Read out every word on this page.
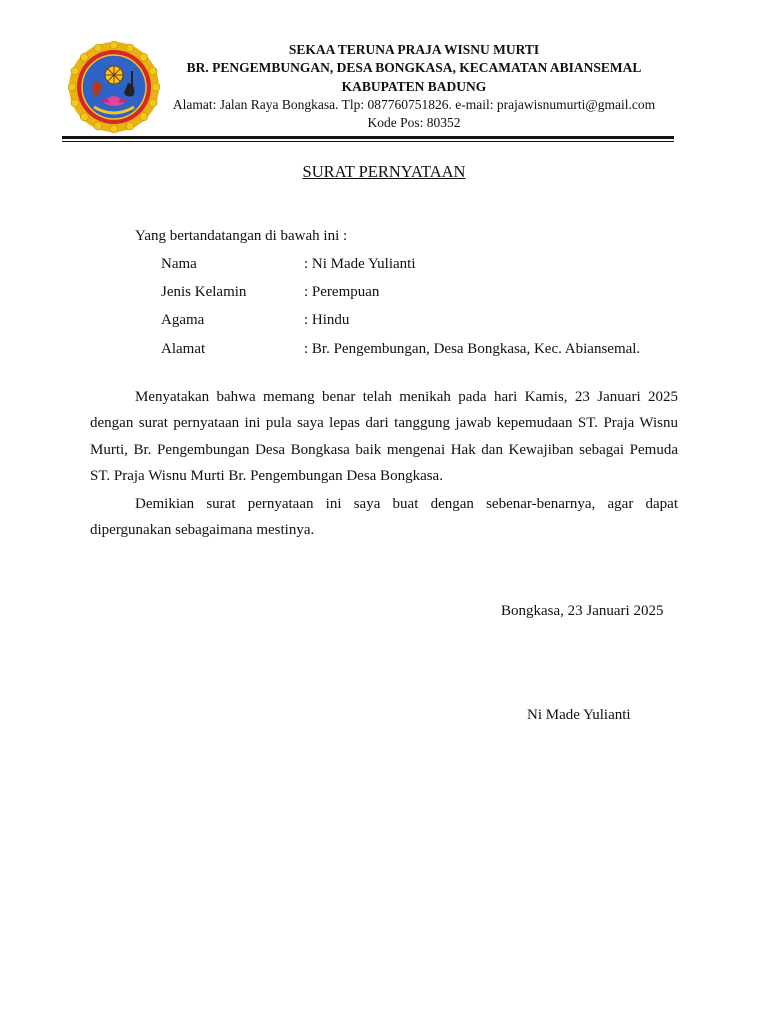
SEKAA TERUNA PRAJA WISNU MURTI
BR. PENGEMBUNGAN, DESA BONGKASA, KECAMATAN ABIANSEMAL
KABUPATEN BADUNG
Alamat: Jalan Raya Bongkasa. Tlp: 087760751826. e-mail: prajawisnumurti@gmail.com
Kode Pos: 80352
SURAT PERNYATAAN
Yang bertandatangan di bawah ini :
Nama	: Ni Made Yulianti
Jenis Kelamin	: Perempuan
Agama	: Hindu
Alamat	: Br. Pengembungan, Desa Bongkasa, Kec. Abiansemal.
Menyatakan bahwa memang benar telah menikah pada hari Kamis, 23 Januari 2025 dengan surat pernyataan ini pula saya lepas dari tanggung jawab kepemudaan ST. Praja Wisnu Murti, Br. Pengembungan Desa Bongkasa baik mengenai Hak dan Kewajiban sebagai Pemuda ST. Praja Wisnu Murti Br. Pengembungan Desa Bongkasa.
Demikian surat pernyataan ini saya buat dengan sebenar-benarnya, agar dapat dipergunakan sebagaimana mestinya.
Bongkasa, 23 Januari 2025
Ni Made Yulianti
